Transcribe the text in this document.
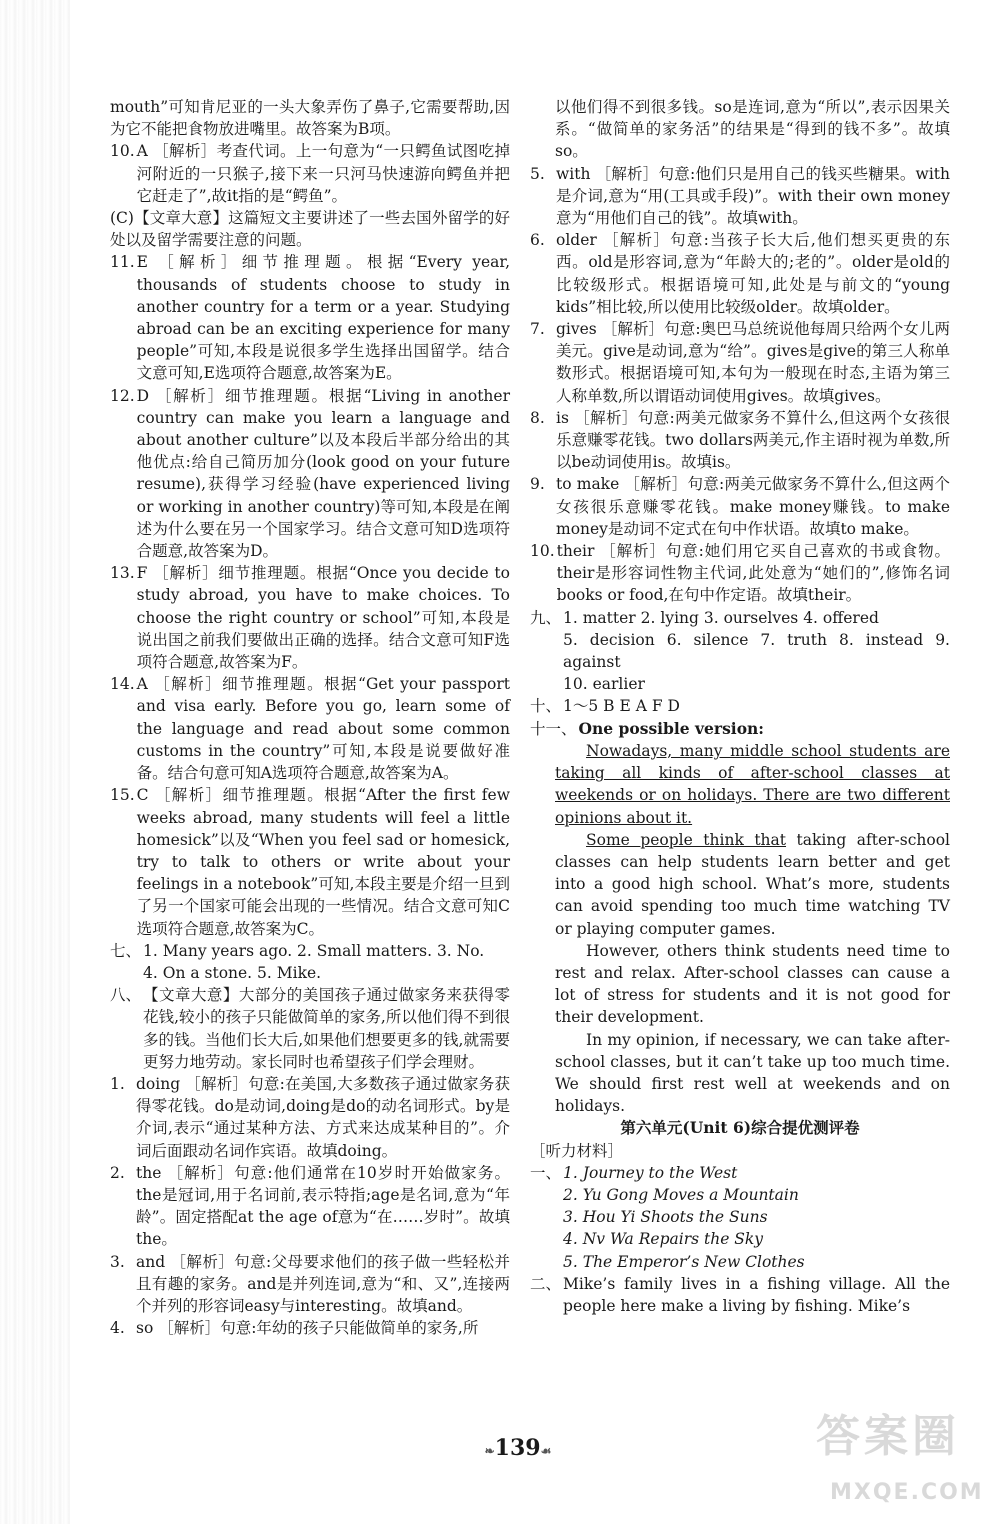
mouth”可知肯尼亚的一头大象弄伤了鼻子,它需要帮助,因为它不能把食物放进嘴里。故答案为B项。

10. A ［解析］考查代词。上一句意为“一只鳄鱼试图吃掉河附近的一只猴子,接下来一只河马快速游向鳄鱼并把它赶走了”,故it指的是“鳄鱼”。

(C)【文章大意】这篇短文主要讲述了一些去国外留学的好处以及留学需要注意的问题。

11. E ［解析］细节推理题。根据“Every year, thousands of students choose to study in another country for a term or a year. Studying abroad can be an exciting experience for many people”可知,本段是说很多学生选择出国留学。结合文意可知,E选项符合题意,故答案为E。
12. D ［解析］细节推理题。根据“Living in another country can make you learn a language and about another culture”以及本段后半部分给出的其他优点:给自己简历加分(look good on your future resume),获得学习经验(have experienced living or working in another country)等可知,本段是在阐述为什么要在另一个国家学习。结合文意可知D选项符合题意,故答案为D。
13. F ［解析］细节推理题。根据“Once you decide to study abroad, you have to make choices. To choose the right country or school”可知,本段是说出国之前我们要做出正确的选择。结合文意可知F选项符合题意,故答案为F。
14. A ［解析］细节推理题。根据“Get your passport and visa early. Before you go, learn some of the language and read about some common customs in the country”可知,本段是说要做好准备。结合句意可知A选项符合题意,故答案为A。
15. C ［解析］细节推理题。根据“After the first few weeks abroad, many students will feel a little homesick”以及“When you feel sad or homesick, try to talk to others or write about your feelings in a notebook”可知,本段主要是介绍一旦到了另一个国家可能会出现的一些情况。结合文意可知C选项符合题意,故答案为C。
七、 1. Many years ago. 2. Small matters. 3. No.

4. On a stone. 5. Mike.

八、 【文章大意】大部分的美国孩子通过做家务来获得零花钱,较小的孩子只能做简单的家务,所以他们得不到很多的钱。当他们长大后,如果他们想要更多的钱,就需要更努力地劳动。家长同时也希望孩子们学会理财。
1. doing ［解析］句意:在美国,大多数孩子通过做家务获得零花钱。do是动词,doing是do的动名词形式。by是介词,表示“通过某种方法、方式来达成某种目的”。介词后面跟动名词作宾语。故填doing。
2. the ［解析］句意:他们通常在10岁时开始做家务。the是冠词,用于名词前,表示特指;age是名词,意为“年龄”。固定搭配at the age of意为“在……岁时”。故填the。
3. and ［解析］句意:父母要求他们的孩子做一些轻松并且有趣的家务。and是并列连词,意为“和、又”,连接两个并列的形容词easy与interesting。故填and。
4. so ［解析］句意:年幼的孩子只能做简单的家务,所

以他们得不到很多钱。so是连词,意为“所以”,表示因果关系。“做简单的家务活”的结果是“得到的钱不多”。故填so。

5. with ［解析］句意:他们只是用自己的钱买些糖果。with是介词,意为“用(工具或手段)”。with their own money意为“用他们自己的钱”。故填with。
6. older ［解析］句意:当孩子长大后,他们想买更贵的东西。old是形容词,意为“年龄大的;老的”。older是old的比较级形式。根据语境可知,此处是与前文的“young kids”相比较,所以使用比较级older。故填older。
7. gives ［解析］句意:奥巴马总统说他每周只给两个女儿两美元。give是动词,意为“给”。gives是give的第三人称单数形式。根据语境可知,本句为一般现在时态,主语为第三人称单数,所以谓语动词使用gives。故填gives。
8. is ［解析］句意:两美元做家务不算什么,但这两个女孩很乐意赚零花钱。two dollars两美元,作主语时视为单数,所以be动词使用is。故填is。
9. to make ［解析］句意:两美元做家务不算什么,但这两个女孩很乐意赚零花钱。make money赚钱。to make money是动词不定式在句中作状语。故填to make。
10. their ［解析］句意:她们用它买自己喜欢的书或食物。their是形容词性物主代词,此处意为“她们的”,修饰名词books or food,在句中作定语。故填their。
九、 1. matter 2. lying 3. ourselves 4. offered

5. decision 6. silence 7. truth 8. instead 9. against

10. earlier

十、 1～5 B E A F D
十一、 One possible version:

Nowadays, many middle school students are taking all kinds of after-school classes at weekends or on holidays. There are two different opinions about it.

Some people think that taking after-school classes can help students learn better and get into a good high school. What’s more, students can avoid spending too much time watching TV or playing computer games.

However, others think students need time to rest and relax. After-school classes can cause a lot of stress for students and it is not good for their development.

In my opinion, if necessary, we can take after-school classes, but it can’t take up too much time. We should first rest well at weekends and on holidays.

第六单元(Unit 6)综合提优测评卷

［听力材料］

一、 1. Journey to the West

2. Yu Gong Moves a Mountain

3. Hou Yi Shoots the Suns

4. Nv Wa Repairs the Sky

5. The Emperor’s New Clothes

二、 Mike’s family lives in a fishing village. All the people here make a living by fishing. Mike’s
❧139☙	答案圈
MXQE.COM
